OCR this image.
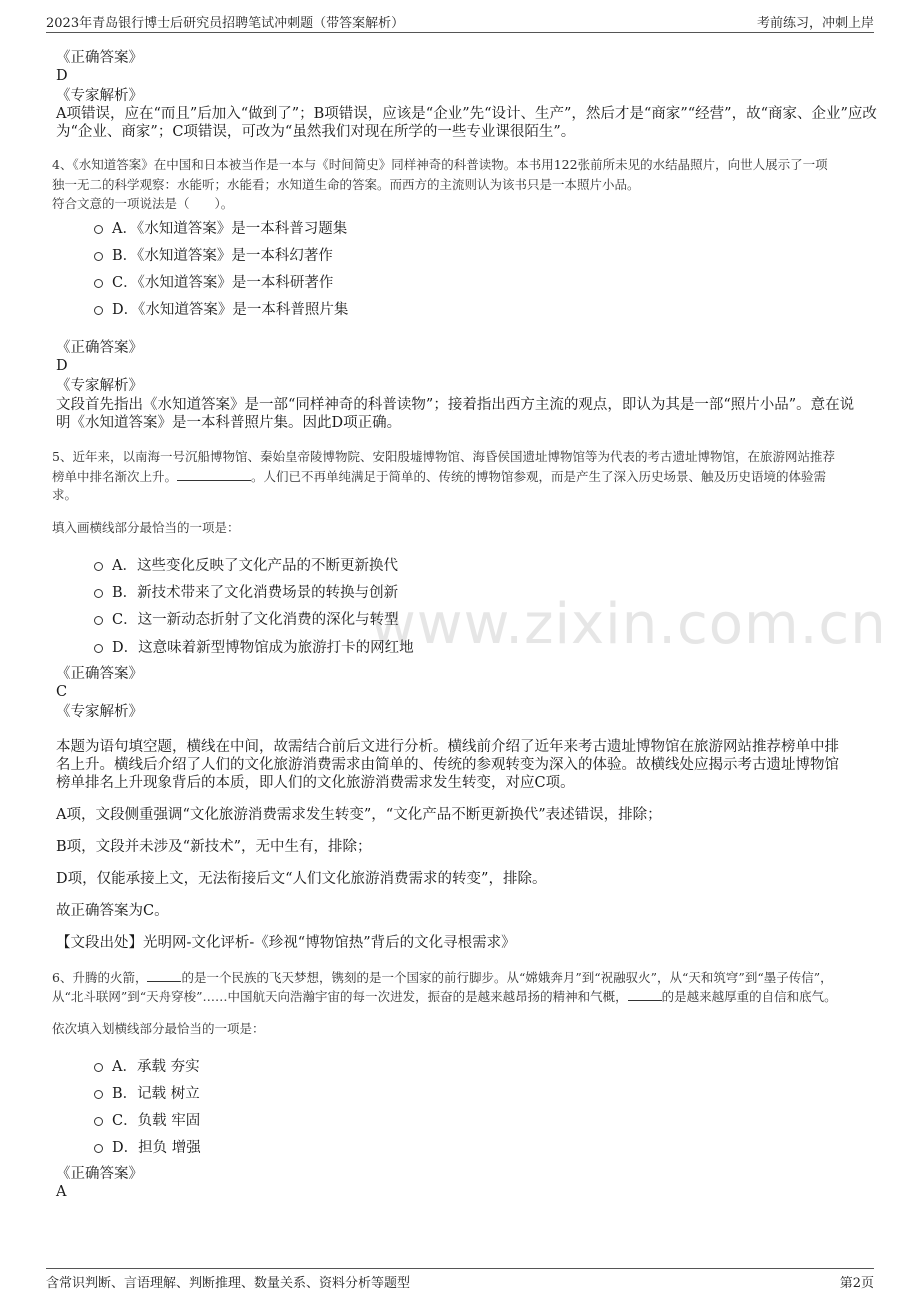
2023年青岛银行博士后研究员招聘笔试冲刺题（带答案解析）	考前练习，冲刺上岸
www.zixin.com.cn
《正确答案》
D
《专家解析》
A项错误，应在“而且”后加入“做到了”；B项错误，应该是“企业”先“设计、生产”，然后才是“商家”“经营”，故“商家、企业”应改
为“企业、商家”；C项错误，可改为“虽然我们对现在所学的一些专业课很陌生”。
4、《水知道答案》在中国和日本被当作是一本与《时间简史》同样神奇的科普读物。本书用122张前所未见的水结晶照片，向世人展示了一项
独一无二的科学观察：水能听；水能看；水知道生命的答案。而西方的主流则认为该书只是一本照片小品。
符合文意的一项说法是（　　）。
A．《水知道答案》是一本科普习题集
B．《水知道答案》是一本科幻著作
C．《水知道答案》是一本科研著作
D．《水知道答案》是一本科普照片集
《正确答案》
D
《专家解析》
文段首先指出《水知道答案》是一部“同样神奇的科普读物”；接着指出西方主流的观点，即认为其是一部“照片小品”。意在说
明《水知道答案》是一本科普照片集。因此D项正确。
5、近年来，以南海一号沉船博物馆、秦始皇帝陵博物院、安阳殷墟博物馆、海昏侯国遗址博物馆等为代表的考古遗址博物馆，在旅游网站推荐
榜单中排名渐次上升。	。人们已不再单纯满足于简单的、传统的博物馆参观，而是产生了深入历史场景、触及历史语境的体验需
求。
填入画横线部分最恰当的一项是：
A．这些变化反映了文化产品的不断更新换代
B．新技术带来了文化消费场景的转换与创新
C．这一新动态折射了文化消费的深化与转型
D．这意味着新型博物馆成为旅游打卡的网红地
《正确答案》
C
《专家解析》
本题为语句填空题，横线在中间，故需结合前后文进行分析。横线前介绍了近年来考古遗址博物馆在旅游网站推荐榜单中排
名上升。横线后介绍了人们的文化旅游消费需求由简单的、传统的参观转变为深入的体验。故横线处应揭示考古遗址博物馆
榜单排名上升现象背后的本质，即人们的文化旅游消费需求发生转变，对应C项。
A项，文段侧重强调“文化旅游消费需求发生转变”，“文化产品不断更新换代”表述错误，排除；
B项，文段并未涉及“新技术”，无中生有，排除；
D项，仅能承接上文，无法衔接后文“人们文化旅游消费需求的转变”，排除。
故正确答案为C。
【文段出处】光明网-文化评析-《珍视“博物馆热”背后的文化寻根需求》
6、升腾的火箭，	的是一个民族的飞天梦想，镌刻的是一个国家的前行脚步。从“嫦娥奔月”到“祝融驭火”，从“天和筑穹”到“墨子传信”，
从“北斗联网”到“天舟穿梭”……中国航天向浩瀚宇宙的每一次进发，振奋的是越来越昂扬的精神和气概，	的是越来越厚重的自信和底气。
依次填入划横线部分最恰当的一项是：
A．承载 夯实
B．记载 树立
C．负载 牢固
D．担负 增强
《正确答案》
A
含常识判断、言语理解、判断推理、数量关系、资料分析等题型	第2页
